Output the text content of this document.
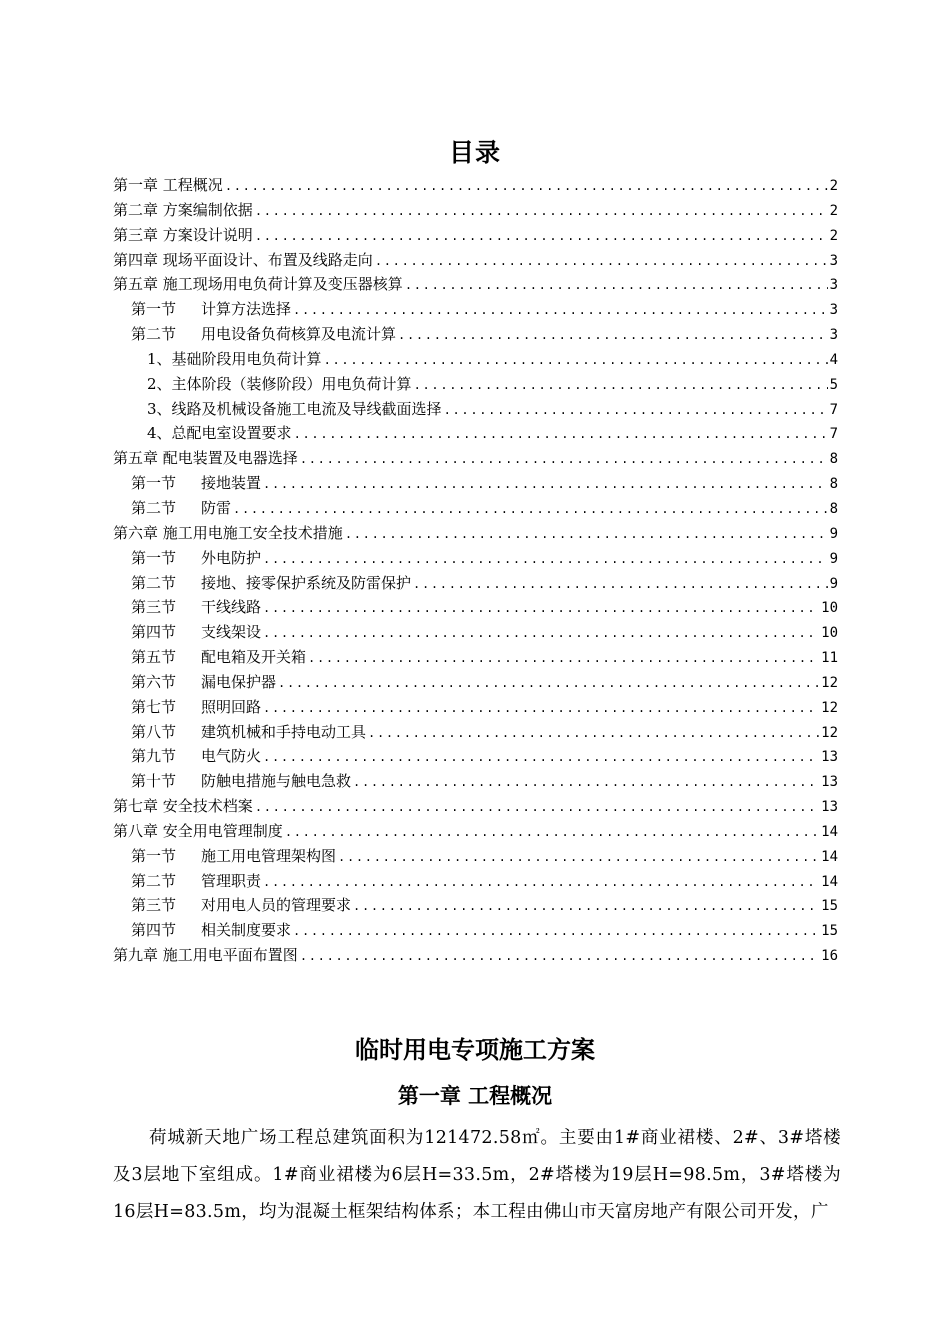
目录
第一章 工程概况 .....	2
第二章 方案编制依据 .....	2
第三章 方案设计说明 .....	2
第四章 现场平面设计、布置及线路走向 .....	3
第五章 施工现场用电负荷计算及变压器核算 .....	3
第一节 计算方法选择 .....	3
第二节 用电设备负荷核算及电流计算 .....	3
1、基础阶段用电负荷计算 .....	4
2、主体阶段（装修阶段）用电负荷计算 .....	5
3、线路及机械设备施工电流及导线截面选择 .....	7
4、总配电室设置要求 .....	7
第五章 配电装置及电器选择 .....	8
第一节 接地装置 .....	8
第二节 防雷 .....	8
第六章 施工用电施工安全技术措施 .....	9
第一节 外电防护 .....	9
第二节 接地、接零保护系统及防雷保护 .....	9
第三节 干线线路 .....	10
第四节 支线架设 .....	10
第五节 配电箱及开关箱 .....	11
第六节 漏电保护器 .....	12
第七节 照明回路 .....	12
第八节 建筑机械和手持电动工具 .....	12
第九节 电气防火 .....	13
第十节 防触电措施与触电急救 .....	13
第七章 安全技术档案 .....	13
第八章 安全用电管理制度 .....	14
第一节 施工用电管理架构图 .....	14
第二节 管理职责 .....	14
第三节 对用电人员的管理要求 .....	15
第四节 相关制度要求 .....	15
第九章 施工用电平面布置图 .....	16
临时用电专项施工方案
第一章 工程概况
荷城新天地广场工程总建筑面积为121472.58㎡。主要由1#商业裙楼、2#、3#塔楼及3层地下室组成。1#商业裙楼为6层H=33.5m，2#塔楼为19层H=98.5m，3#塔楼为16层H=83.5m，均为混凝土框架结构体系；本工程由佛山市天富房地产有限公司开发，广
